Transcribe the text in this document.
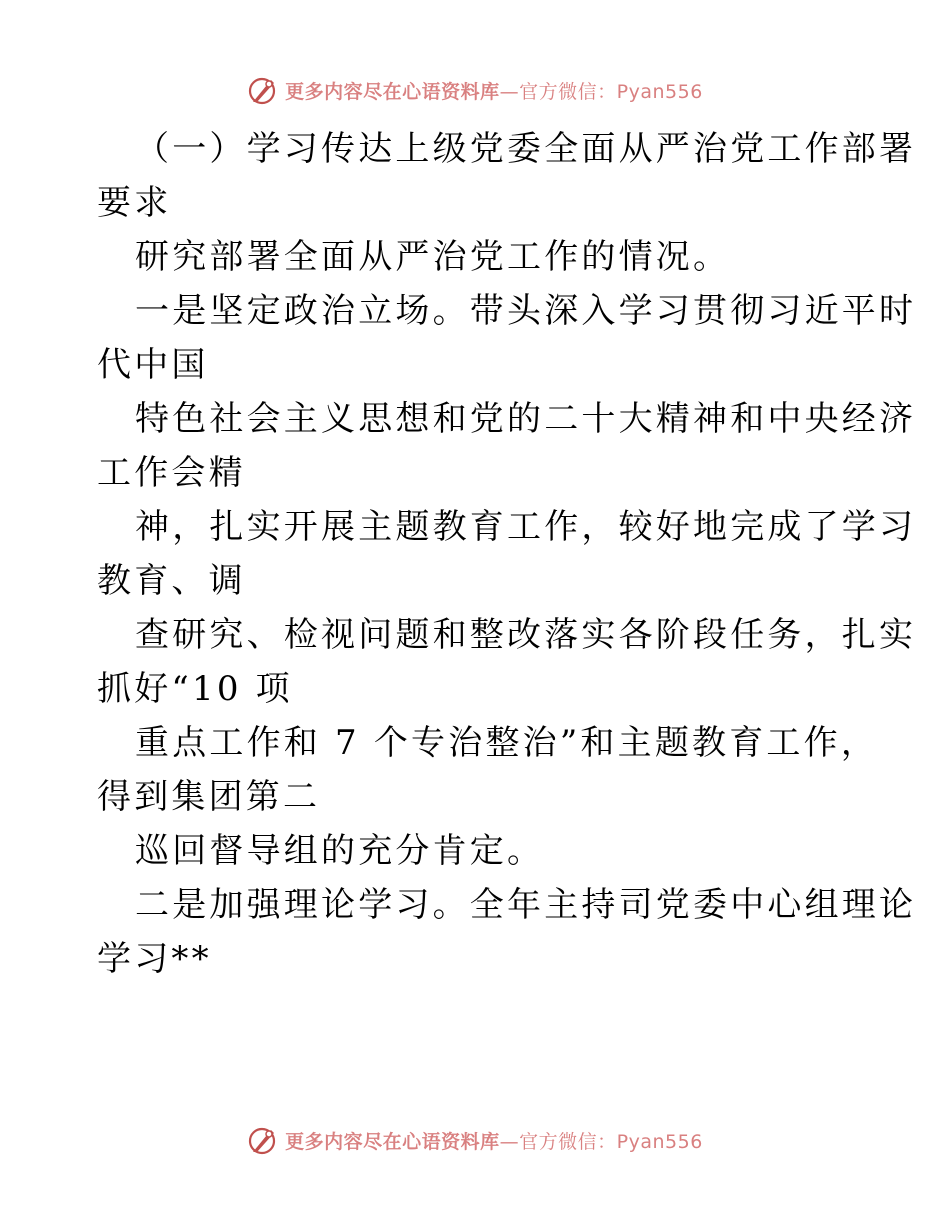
更多内容尽在心语资料库—官方微信：Pyan556
（一）学习传达上级党委全面从严治党工作部署
要求
研究部署全面从严治党工作的情况。
一是坚定政治立场。带头深入学习贯彻习近平时
代中国
特色社会主义思想和党的二十大精神和中央经济
工作会精
神，扎实开展主题教育工作，较好地完成了学习
教育、调
查研究、检视问题和整改落实各阶段任务，扎实
抓好“10 项
重点工作和 7 个专治整治”和主题教育工作，
得到集团第二
巡回督导组的充分肯定。
二是加强理论学习。全年主持司党委中心组理论
学习**
更多内容尽在心语资料库—官方微信：Pyan556
